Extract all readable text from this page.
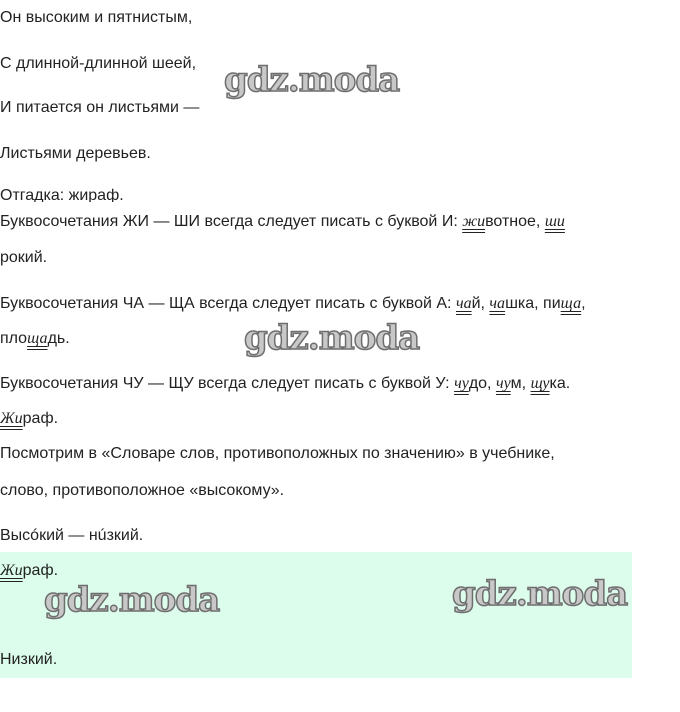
Он высоким и пятнистым,
С длинной-длинной шеей,
И питается он листьями —
Листьями деревьев.
Отгадка: жираф.
Буквосочетания ЖИ — ШИ всегда следует писать с буквой И: животное, ши
рокий.
Буквосочетания ЧА — ЩА всегда следует писать с буквой А: чай, чашка, пища,
площадь.
Буквосочетания ЧУ — ЩУ всегда следует писать с буквой У: чудо, чум, щука.
Жираф.
Посмотрим в «Словаре слов, противоположных по значению» в учебнике,
слово, противоположное «высокому».
Высóкий — нúзкий.
Жираф.
Низкий.
gdz.moda
gdz.moda
gdz.moda	gdz.moda
